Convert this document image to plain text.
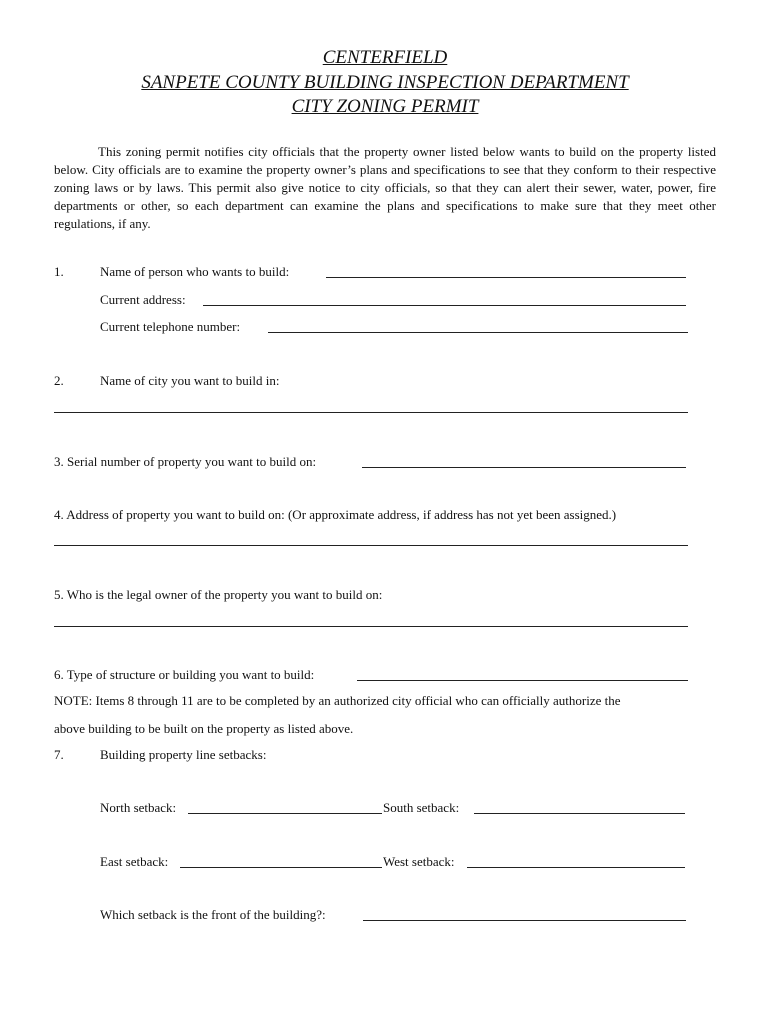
CENTERFIELD
SANPETE COUNTY BUILDING INSPECTION DEPARTMENT
CITY ZONING PERMIT
This zoning permit notifies city officials that the property owner listed below wants to build on the property listed below. City officials are to examine the property owner’s plans and specifications to see that they conform to their respective zoning laws or by laws. This permit also give notice to city officials, so that they can alert their sewer, water, power, fire departments or other, so each department can examine the plans and specifications to make sure that they meet other regulations, if any.
1.	Name of person who wants to build:
Current address:
Current telephone number:
2.	Name of city you want to build in:
3. Serial number of property you want to build on:
4. Address of property you want to build on: (Or approximate address, if address has not yet been assigned.)
5. Who is the legal owner of the property you want to build on:
6. Type of structure or building you want to build:
NOTE: Items 8 through 11 are to be completed by an authorized city official who can officially authorize the
above building to be built on the property as listed above.
7.	Building property line setbacks:
North setback:	South setback:
East setback:	West setback:
Which setback is the front of the building?:
